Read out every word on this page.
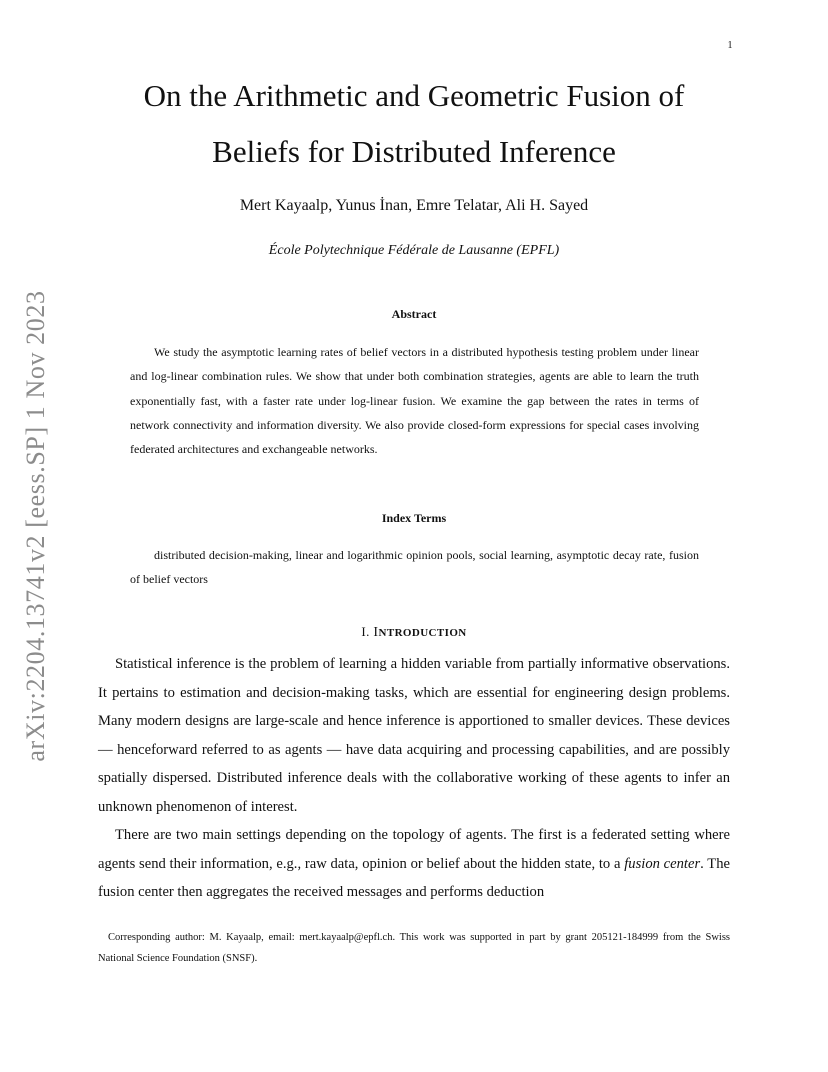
1
arXiv:2204.13741v2 [eess.SP] 1 Nov 2023
On the Arithmetic and Geometric Fusion of
Beliefs for Distributed Inference
Mert Kayaalp, Yunus İnan, Emre Telatar, Ali H. Sayed
École Polytechnique Fédérale de Lausanne (EPFL)
Abstract

We study the asymptotic learning rates of belief vectors in a distributed hypothesis testing problem under linear and log-linear combination rules. We show that under both combination strategies, agents are able to learn the truth exponentially fast, with a faster rate under log-linear fusion. We examine the gap between the rates in terms of network connectivity and information diversity. We also provide closed-form expressions for special cases involving federated architectures and exchangeable networks.

Index Terms

distributed decision-making, linear and logarithmic opinion pools, social learning, asymptotic decay rate, fusion of belief vectors

I. INTRODUCTION

Statistical inference is the problem of learning a hidden variable from partially informative observations. It pertains to estimation and decision-making tasks, which are essential for engineering design problems. Many modern designs are large-scale and hence inference is apportioned to smaller devices. These devices — henceforward referred to as agents — have data acquiring and processing capabilities, and are possibly spatially dispersed. Distributed inference deals with the collaborative working of these agents to infer an unknown phenomenon of interest.

There are two main settings depending on the topology of agents. The first is a federated setting where agents send their information, e.g., raw data, opinion or belief about the hidden state, to a fusion center. The fusion center then aggregates the received messages and performs deduction

Corresponding author: M. Kayaalp, email: mert.kayaalp@epfl.ch. This work was supported in part by grant 205121-184999 from the Swiss National Science Foundation (SNSF).
